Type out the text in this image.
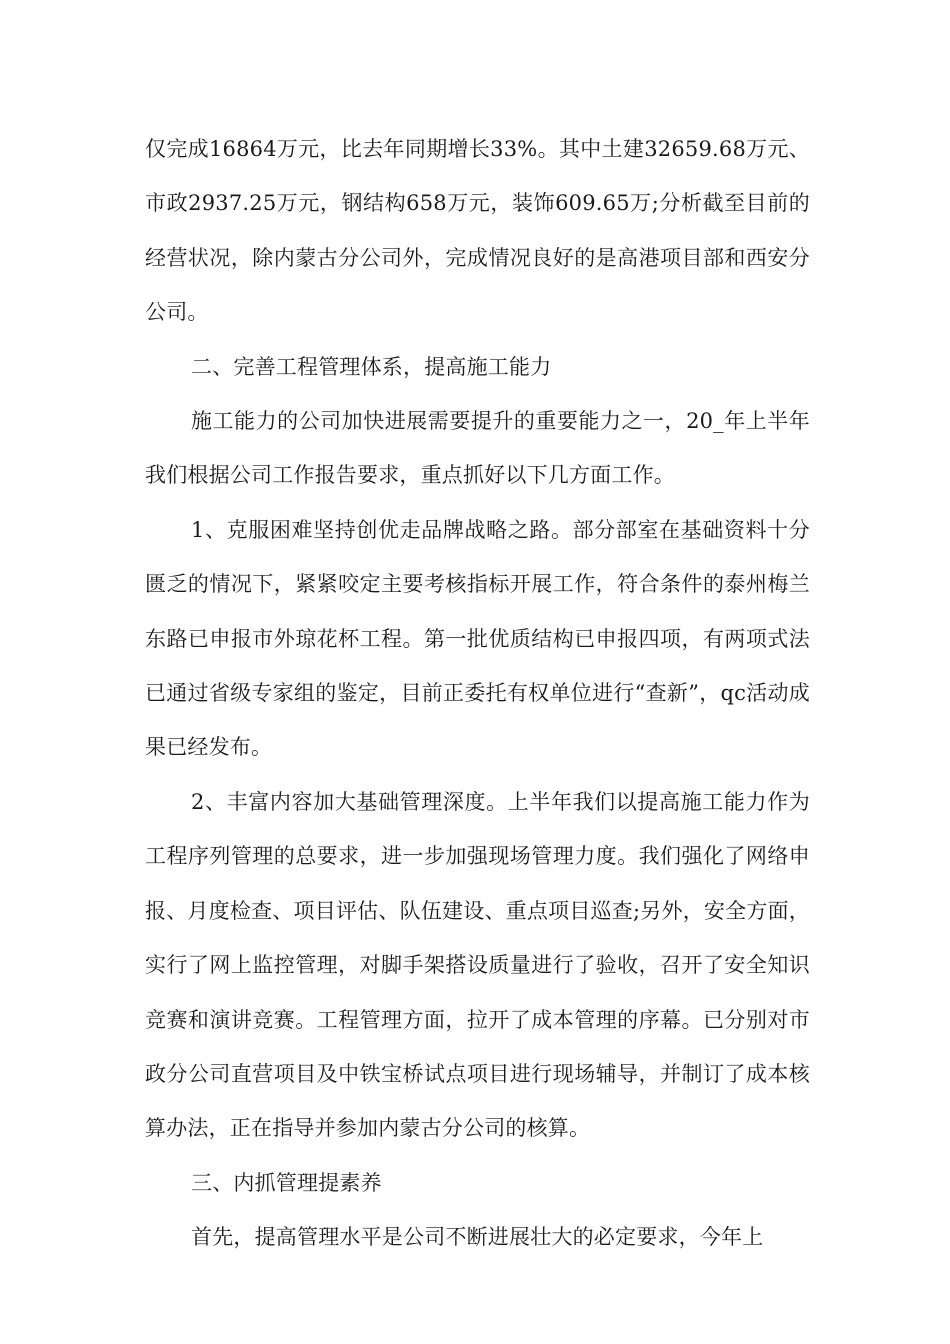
仅完成16864万元，比去年同期增长33%。其中土建32659.68万元、市政2937.25万元，钢结构658万元，装饰609.65万;分析截至目前的经营状况，除内蒙古分公司外，完成情况良好的是高港项目部和西安分公司。

二、完善工程管理体系，提高施工能力

施工能力的公司加快进展需要提升的重要能力之一，20_年上半年我们根据公司工作报告要求，重点抓好以下几方面工作。

1、克服困难坚持创优走品牌战略之路。部分部室在基础资料十分匮乏的情况下，紧紧咬定主要考核指标开展工作，符合条件的泰州梅兰东路已申报市外琼花杯工程。第一批优质结构已申报四项，有两项式法已通过省级专家组的鉴定，目前正委托有权单位进行“查新”，qc活动成果已经发布。

2、丰富内容加大基础管理深度。上半年我们以提高施工能力作为工程序列管理的总要求，进一步加强现场管理力度。我们强化了网络申报、月度检查、项目评估、队伍建设、重点项目巡查;另外，安全方面，实行了网上监控管理，对脚手架搭设质量进行了验收，召开了安全知识竞赛和演讲竞赛。工程管理方面，拉开了成本管理的序幕。已分别对市政分公司直营项目及中铁宝桥试点项目进行现场辅导，并制订了成本核算办法，正在指导并参加内蒙古分公司的核算。

三、内抓管理提素养

首先，提高管理水平是公司不断进展壮大的必定要求，今年上
